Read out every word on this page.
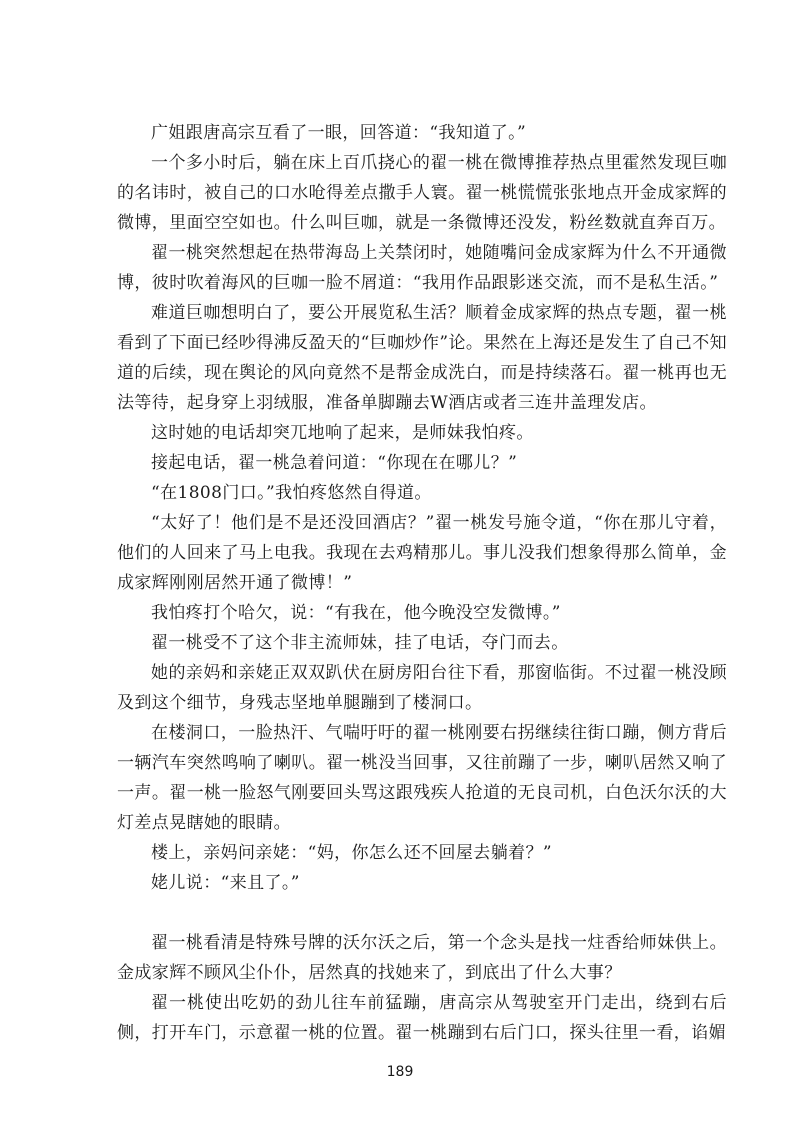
广姐跟唐高宗互看了一眼，回答道：“我知道了。”

一个多小时后，躺在床上百爪挠心的翟一桃在微博推荐热点里霍然发现巨咖的名讳时，被自己的口水呛得差点撒手人寰。翟一桃慌慌张张地点开金成家辉的微博，里面空空如也。什么叫巨咖，就是一条微博还没发，粉丝数就直奔百万。

翟一桃突然想起在热带海岛上关禁闭时，她随嘴问金成家辉为什么不开通微博，彼时吹着海风的巨咖一脸不屑道：“我用作品跟影迷交流，而不是私生活。”

难道巨咖想明白了，要公开展览私生活？顺着金成家辉的热点专题，翟一桃看到了下面已经吵得沸反盈天的“巨咖炒作”论。果然在上海还是发生了自己不知道的后续，现在舆论的风向竟然不是帮金成洗白，而是持续落石。翟一桃再也无法等待，起身穿上羽绒服，准备单脚蹦去W酒店或者三连井盖理发店。

这时她的电话却突兀地响了起来，是师妹我怕疼。

接起电话，翟一桃急着问道：“你现在在哪儿？”

“在1808门口。”我怕疼悠然自得道。

“太好了！他们是不是还没回酒店？”翟一桃发号施令道，“你在那儿守着，他们的人回来了马上电我。我现在去鸡精那儿。事儿没我们想象得那么简单，金成家辉刚刚居然开通了微博！”

我怕疼打个哈欠，说：“有我在，他今晚没空发微博。”

翟一桃受不了这个非主流师妹，挂了电话，夺门而去。

她的亲妈和亲姥正双双趴伏在厨房阳台往下看，那窗临街。不过翟一桃没顾及到这个细节，身残志坚地单腿蹦到了楼洞口。

在楼洞口，一脸热汗、气喘吁吁的翟一桃刚要右拐继续往街口蹦，侧方背后一辆汽车突然鸣响了喇叭。翟一桃没当回事，又往前蹦了一步，喇叭居然又响了一声。翟一桃一脸怒气刚要回头骂这跟残疾人抢道的无良司机，白色沃尔沃的大灯差点晃瞎她的眼睛。

楼上，亲妈问亲姥：“妈，你怎么还不回屋去躺着？”

姥儿说：“来且了。”

翟一桃看清是特殊号牌的沃尔沃之后，第一个念头是找一炷香给师妹供上。金成家辉不顾风尘仆仆，居然真的找她来了，到底出了什么大事？

翟一桃使出吃奶的劲儿往车前猛蹦，唐高宗从驾驶室开门走出，绕到右后侧，打开车门，示意翟一桃的位置。翟一桃蹦到右后门口，探头往里一看，谄媚

189
